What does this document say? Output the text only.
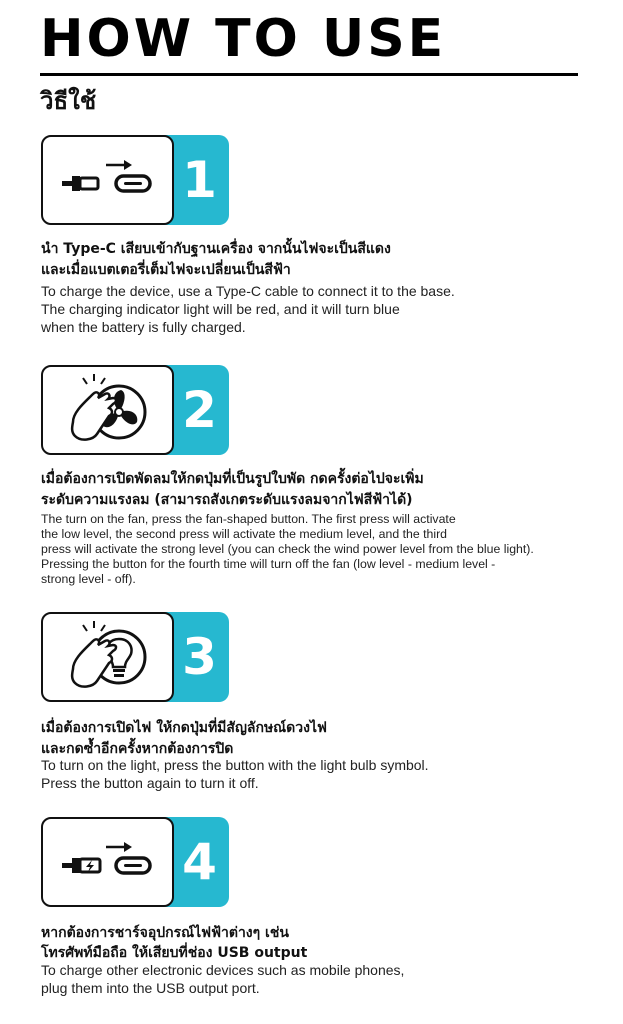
HOW TO USE
วิธีใช้
1
นำ Type-C เสียบเข้ากับฐานเครื่อง จากนั้นไฟจะเป็นสีแดง
และเมื่อแบตเตอรี่เต็มไฟจะเปลี่ยนเป็นสีฟ้า
To charge the device, use a Type-C cable to connect it to the base.
The charging indicator light will be red, and it will turn blue
when the battery is fully charged.
2
เมื่อต้องการเปิดพัดลมให้กดปุ่มที่เป็นรูปใบพัด กดครั้งต่อไปจะเพิ่ม
ระดับความแรงลม (สามารถสังเกตระดับแรงลมจากไฟสีฟ้าได้)
The turn on the fan, press the fan-shaped button. The first press will activate
the low level, the second press will activate the medium level, and the third
press will activate the strong level (you can check the wind power level from the blue light).
Pressing the button for the fourth time will turn off the fan (low level - medium level -
strong level - off).
3
เมื่อต้องการเปิดไฟ ให้กดปุ่มที่มีสัญลักษณ์ดวงไฟ
และกดซ้ำอีกครั้งหากต้องการปิด
To turn on the light, press the button with the light bulb symbol.
Press the button again to turn it off.
4
หากต้องการชาร์จอุปกรณ์ไฟฟ้าต่างๆ เช่น
โทรศัพท์มือถือ ให้เสียบที่ช่อง USB output
To charge other electronic devices such as mobile phones,
plug them into the USB output port.
